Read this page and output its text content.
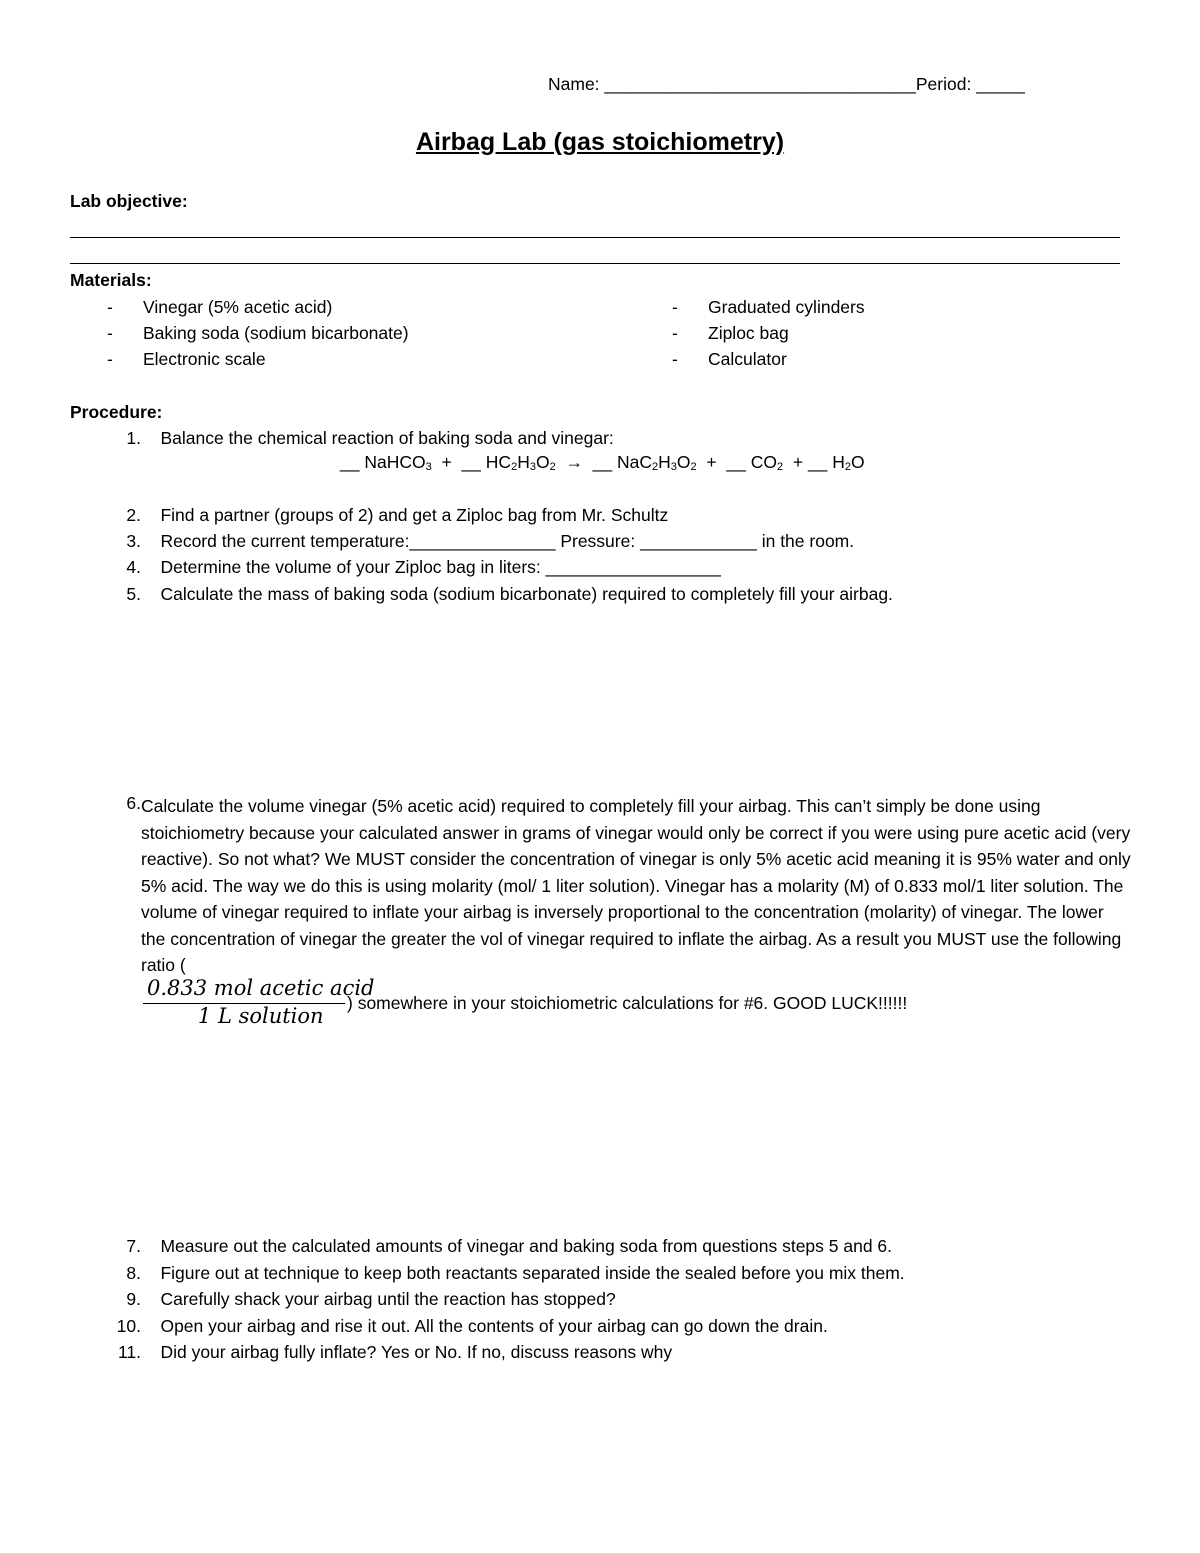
Name: ________________________________Period: _____
Airbag Lab (gas stoichiometry)
Lab objective:
Materials:
- Vinegar (5% acetic acid)
- Baking soda (sodium bicarbonate)
- Electronic scale
- Graduated cylinders
- Ziploc bag
- Calculator
Procedure:
1. Balance the chemical reaction of baking soda and vinegar:
__ NaHCO$_3$ + __ $HC_2H_3O_2$ → __ $NaC_2H_3O_2$ + __ $CO_2$ + __ $H_2O$
2. Find a partner (groups of 2) and get a Ziploc bag from Mr. Schultz
3. Record the current temperature:_______________ Pressure: ____________ in the room.
4. Determine the volume of your Ziploc bag in liters: __________________
5. Calculate the mass of baking soda (sodium bicarbonate) required to completely fill your airbag.
6. Calculate the volume vinegar (5% acetic acid) required to completely fill your airbag. This can’t simply be done using stoichiometry because your calculated answer in grams of vinegar would only be correct if you were using pure acetic acid (very reactive). So not what? We MUST consider the concentration of vinegar is only 5% acetic acid meaning it is 95% water and only 5% acid. The way we do this is using molarity (mol/ 1 liter solution). Vinegar has a molarity (M) of 0.833 mol/1 liter solution. The volume of vinegar required to inflate your airbag is inversely proportional to the concentration (molarity) of vinegar. The lower the concentration of vinegar the greater the vol of vinegar required to inflate the airbag. As a result you MUST use the following ratio (
0.833 mol acetic acid
1 L solution
) somewhere in your stoichiometric calculations for #6. GOOD LUCK!!!!!!
7. Measure out the calculated amounts of vinegar and baking soda from questions steps 5 and 6.
8. Figure out at technique to keep both reactants separated inside the sealed before you mix them.
9. Carefully shack your airbag until the reaction has stopped?
10. Open your airbag and rise it out. All the contents of your airbag can go down the drain.
11. Did your airbag fully inflate? Yes or No. If no, discuss reasons why
